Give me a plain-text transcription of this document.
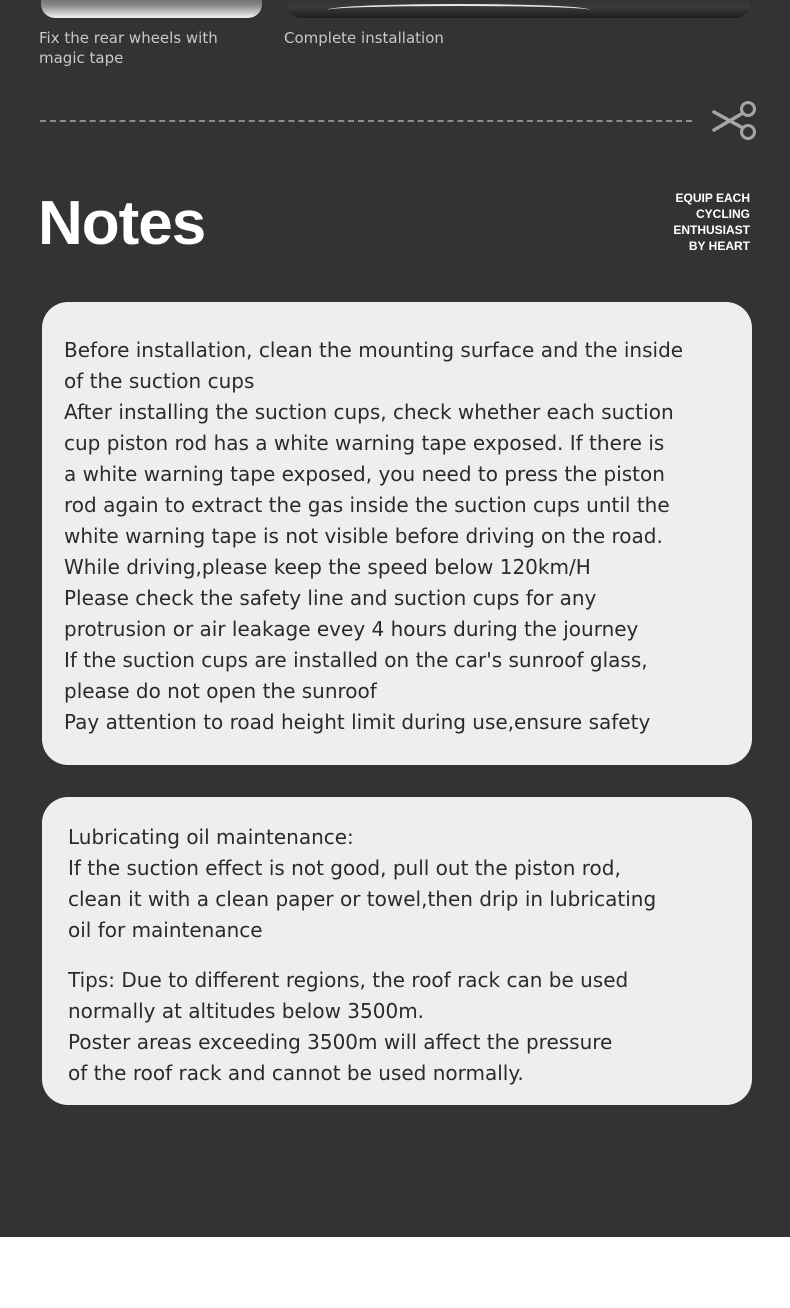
Fix the rear wheels with
magic tape
Complete installation
Notes	EQUIP EACH
CYCLING
ENTHUSIAST
BY HEART
Before installation, clean the mounting surface and the inside
of the suction cups
After installing the suction cups, check whether each suction
cup piston rod has a white warning tape exposed. If there is
a white warning tape exposed, you need to press the piston
rod again to extract the gas inside the suction cups until the
white warning tape is not visible before driving on the road.
While driving,please keep the speed below 120km/H
Please check the safety line and suction cups for any
protrusion or air leakage evey 4 hours during the journey
If the suction cups are installed on the car's sunroof glass,
please do not open the sunroof
Pay attention to road height limit during use,ensure safety
Lubricating oil maintenance:
If the suction effect is not good, pull out the piston rod,
clean it with a clean paper or towel,then drip in lubricating
oil for maintenance
Tips: Due to different regions, the roof rack can be used
normally at altitudes below 3500m.
Poster areas exceeding 3500m will affect the pressure
of the roof rack and cannot be used normally.
